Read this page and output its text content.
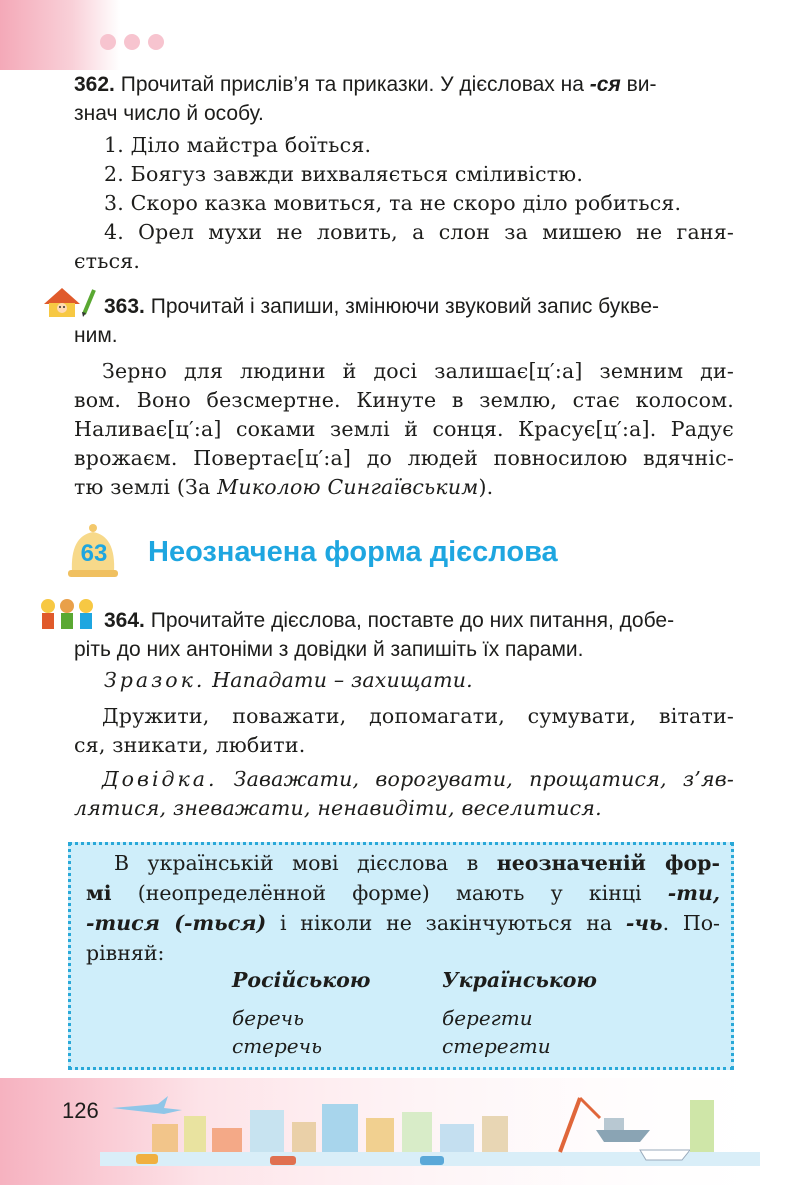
362. Прочитай прислів’я та приказки. У дієсловах на -ся ви-
знач число й особу.
1. Діло майстра боїться.
2. Боягуз завжди вихваляється сміливістю.
3. Скоро казка мовиться, та не скоро діло робиться.
4. Орел мухи не ловить, а слон за мишею не ганя-
ється.
363. Прочитай і запиши, змінюючи звуковий запис букве-
ним.
Зерно для людини й досі залишає[ц′:а] земним ди-
вом. Воно безсмертне. Кинуте в землю, стає колосом.
Наливає[ц′:а] соками землі й сонця. Красує[ц′:а]. Радує
врожаєм. Повертає[ц′:а] до людей повносилою вдячніс-
тю землі (За Миколою Сингаївським).
63 Неозначена форма дієслова
364. Прочитайте дієслова, поставте до них питання, добе-
ріть до них антоніми з довідки й запишіть їх парами.
Зразок. Нападати – захищати.
Дружити, поважати, допомагати, сумувати, вітати-
ся, зникати, любити.
Довідка. Заважати, ворогувати, прощатися, з’яв-
лятися, зневажати, ненавидіти, веселитися.
В українській мові дієслова в неозначеній фор-
мі (неопределённой форме) мають у кінці -ти,
-тися (-ться) і ніколи не закінчуються на -чь. По-
рівняй:
Російською	Українською
беречь
стеречь
берегти
стерегти
126
